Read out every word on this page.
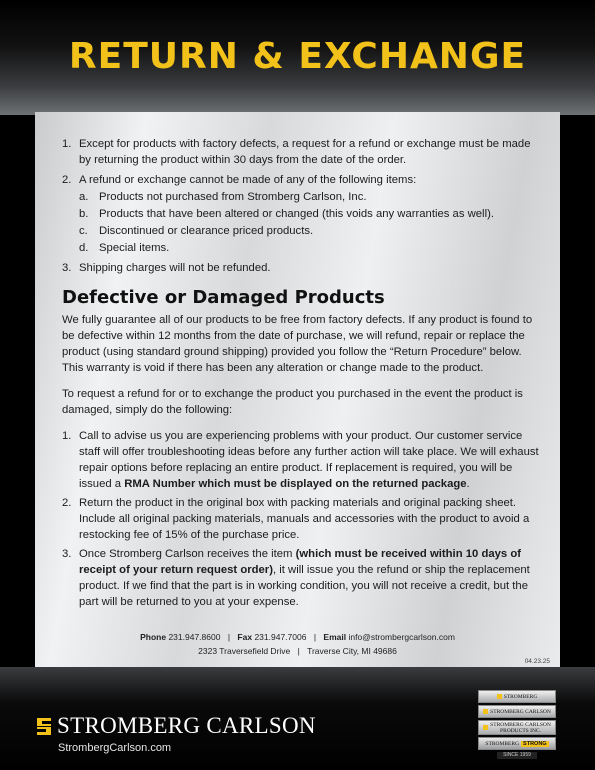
RETURN & EXCHANGE
1. Except for products with factory defects, a request for a refund or exchange must be made by returning the product within 30 days from the date of the order.
2. A refund or exchange cannot be made of any of the following items:
a. Products not purchased from Stromberg Carlson, Inc.
b. Products that have been altered or changed (this voids any warranties as well).
c. Discontinued or clearance priced products.
d. Special items.
3. Shipping charges will not be refunded.
Defective or Damaged Products

We fully guarantee all of our products to be free from factory defects. If any product is found to be defective within 12 months from the date of purchase, we will refund, repair or replace the product (using standard ground shipping) provided you follow the “Return Procedure” below. This warranty is void if there has been any alteration or change made to the product.

To request a refund for or to exchange the product you purchased in the event the product is damaged, simply do the following:

1. Call to advise us you are experiencing problems with your product. Our customer service staff will offer troubleshooting ideas before any further action will take place. We will exhaust repair options before replacing an entire product. If replacement is required, you will be issued a RMA Number which must be displayed on the returned package.
2. Return the product in the original box with packing materials and original packing sheet. Include all original packing materials, manuals and accessories with the product to avoid a restocking fee of 15% of the purchase price.
3. Once Stromberg Carlson receives the item (which must be received within 10 days of receipt of your return request order), it will issue you the refund or ship the replacement product. If we find that the part is in working condition, you will not receive a credit, but the part will be returned to you at your expense.
Phone 231.947.8600 | Fax 231.947.7006 | Email info@strombergcarlson.com
2323 Traversefield Drive | Traverse City, MI 49686
04.23.25
STROMBERG CARLSON
StrombergCarlson.com
STROMBERG
STROMBERG CARLSON
STROMBERG CARLSON
PRODUCTS INC.
STROMBERG STRONG
SINCE 1959
